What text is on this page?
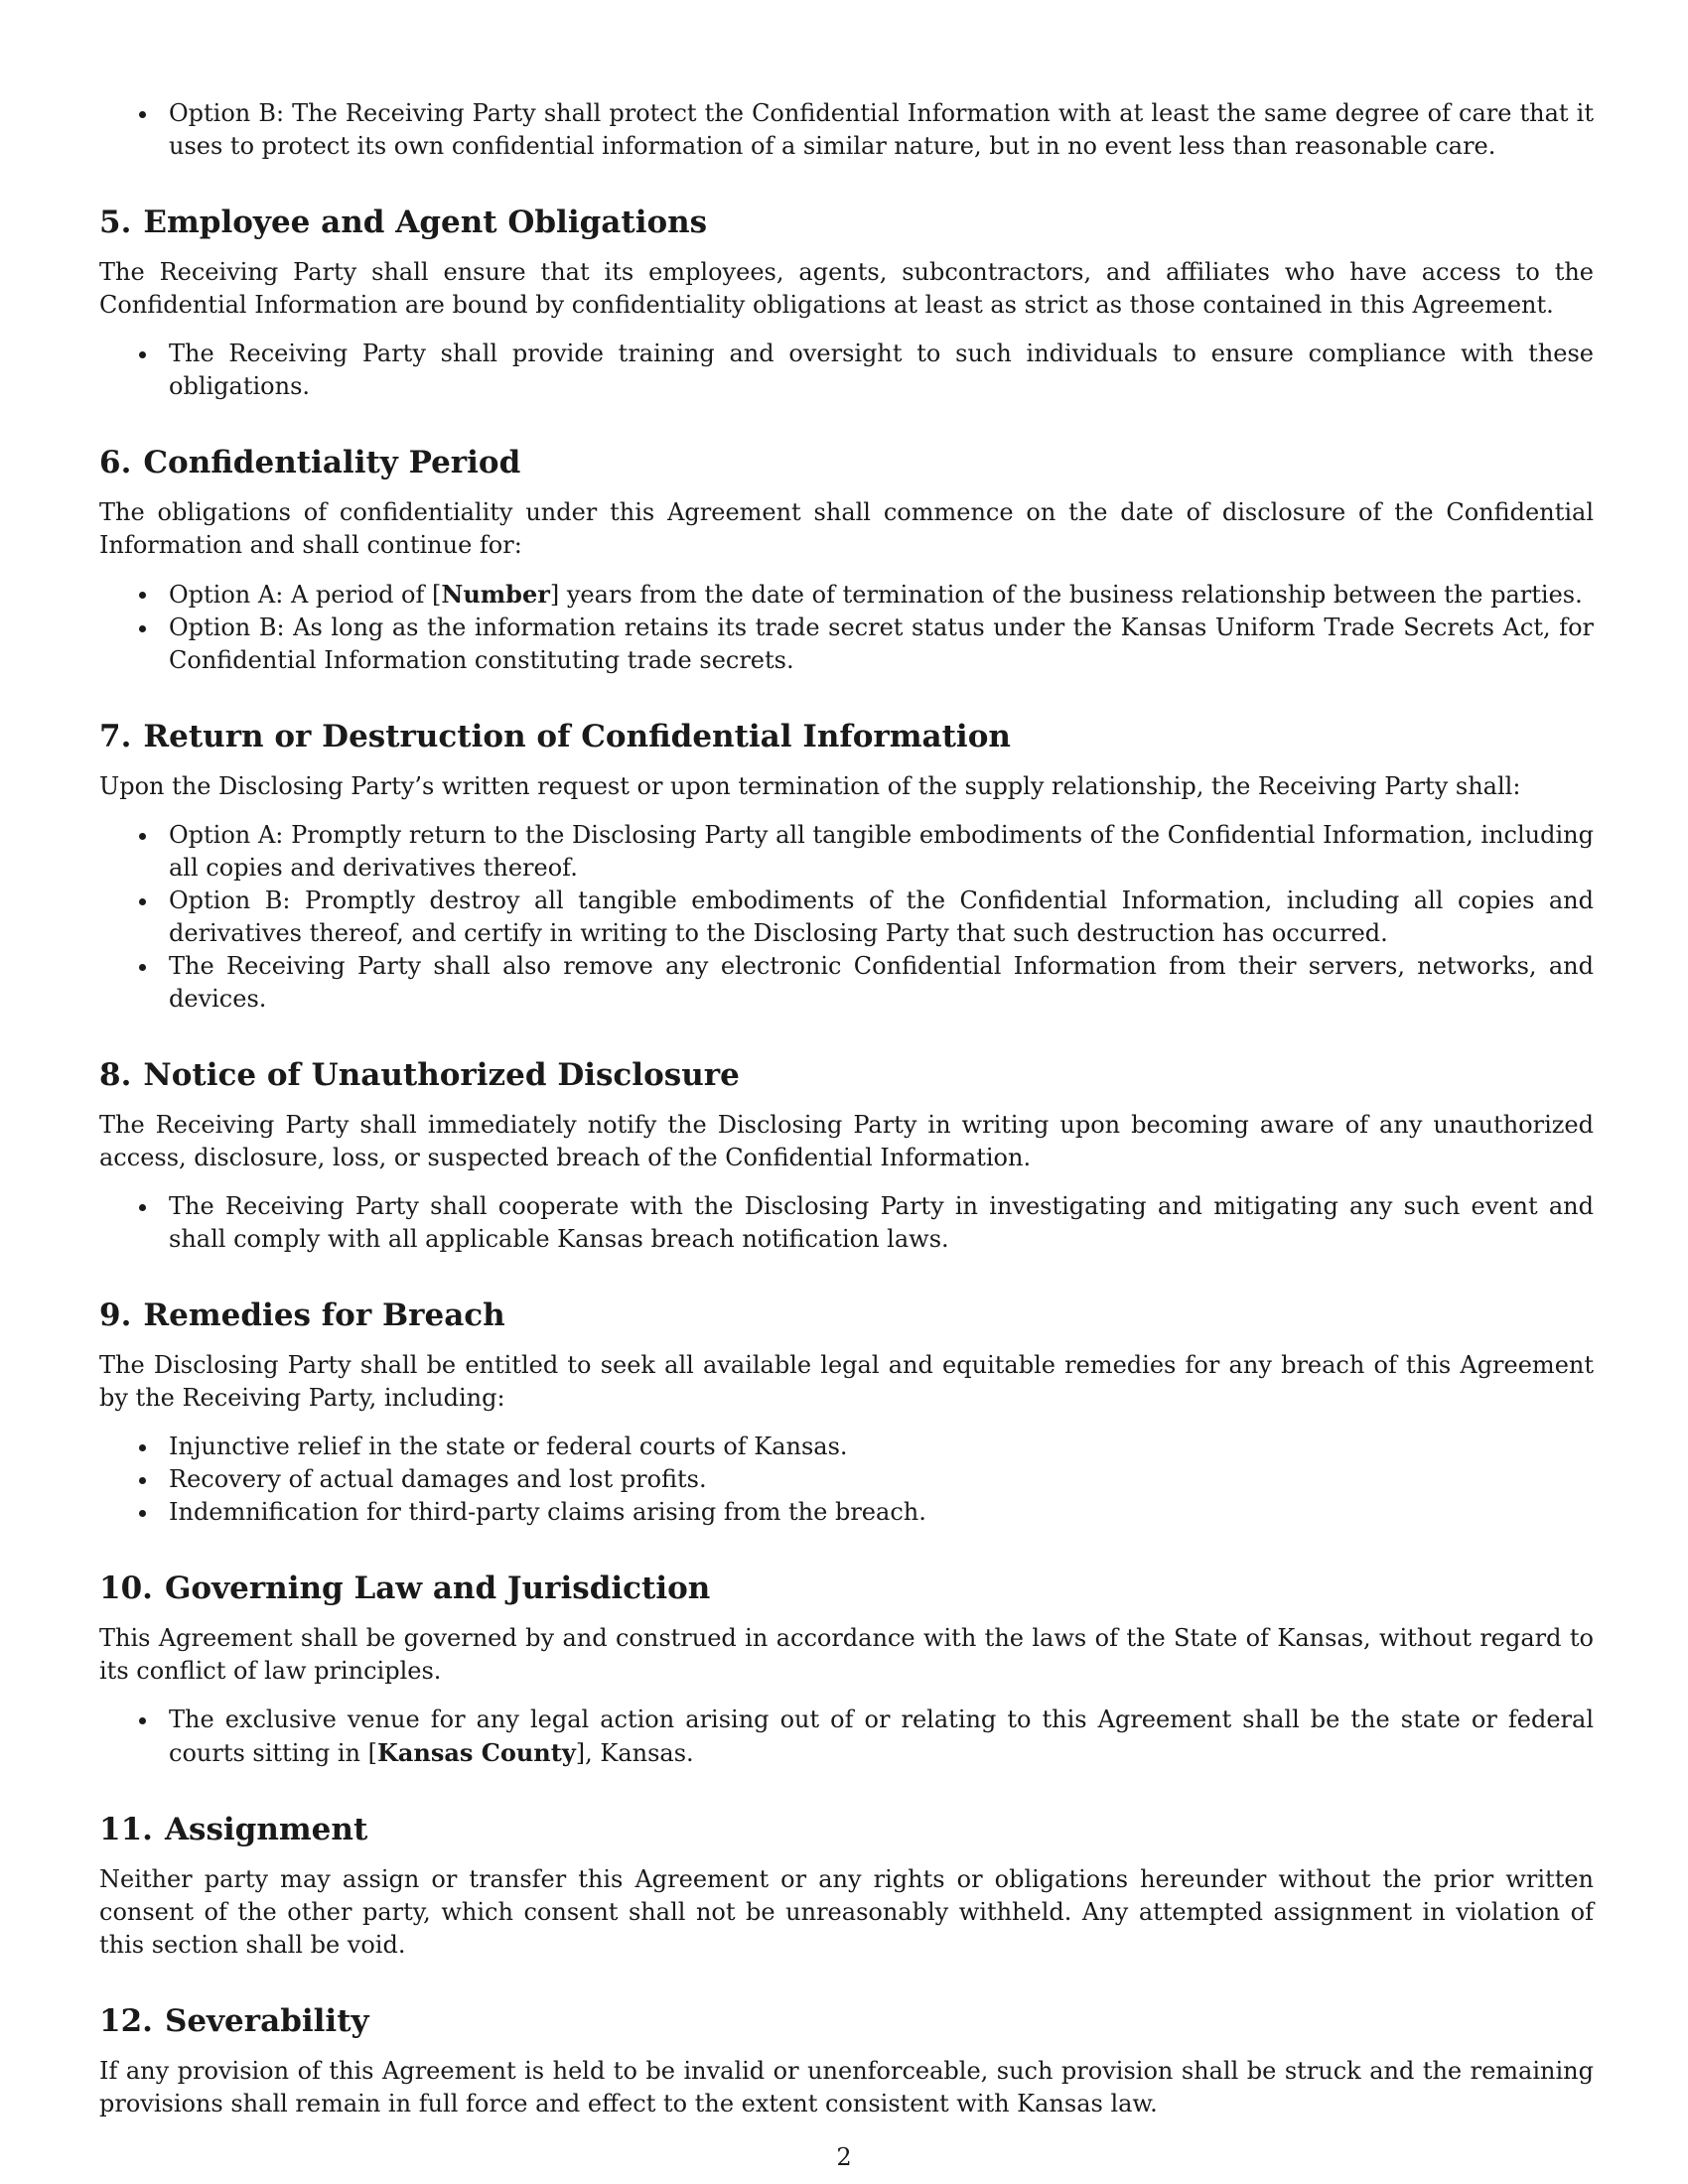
Option B: The Receiving Party shall protect the Confidential Information with at least the same degree of care that it uses to protect its own confidential information of a similar nature, but in no event less than reasonable care.
5. Employee and Agent Obligations

The Receiving Party shall ensure that its employees, agents, subcontractors, and affiliates who have access to the Confidential Information are bound by confidentiality obligations at least as strict as those contained in this Agreement.

The Receiving Party shall provide training and oversight to such individuals to ensure compliance with these obligations.
6. Confidentiality Period

The obligations of confidentiality under this Agreement shall commence on the date of disclosure of the Confidential Information and shall continue for:

Option A: A period of [Number] years from the date of termination of the business relationship between the parties.
Option B: As long as the information retains its trade secret status under the Kansas Uniform Trade Secrets Act, for Confidential Information constituting trade secrets.
7. Return or Destruction of Confidential Information

Upon the Disclosing Party’s written request or upon termination of the supply relationship, the Receiving Party shall:

Option A: Promptly return to the Disclosing Party all tangible embodiments of the Confidential Information, including all copies and derivatives thereof.
Option B: Promptly destroy all tangible embodiments of the Confidential Information, including all copies and derivatives thereof, and certify in writing to the Disclosing Party that such destruction has occurred.
The Receiving Party shall also remove any electronic Confidential Information from their servers, networks, and devices.
8. Notice of Unauthorized Disclosure

The Receiving Party shall immediately notify the Disclosing Party in writing upon becoming aware of any unauthorized access, disclosure, loss, or suspected breach of the Confidential Information.

The Receiving Party shall cooperate with the Disclosing Party in investigating and mitigating any such event and shall comply with all applicable Kansas breach notification laws.
9. Remedies for Breach

The Disclosing Party shall be entitled to seek all available legal and equitable remedies for any breach of this Agreement by the Receiving Party, including:

Injunctive relief in the state or federal courts of Kansas.
Recovery of actual damages and lost profits.
Indemnification for third-party claims arising from the breach.
10. Governing Law and Jurisdiction

This Agreement shall be governed by and construed in accordance with the laws of the State of Kansas, without regard to its conflict of law principles.

The exclusive venue for any legal action arising out of or relating to this Agreement shall be the state or federal courts sitting in [Kansas County], Kansas.
11. Assignment

Neither party may assign or transfer this Agreement or any rights or obligations hereunder without the prior written consent of the other party, which consent shall not be unreasonably withheld. Any attempted assignment in violation of this section shall be void.

12. Severability

If any provision of this Agreement is held to be invalid or unenforceable, such provision shall be struck and the remaining provisions shall remain in full force and effect to the extent consistent with Kansas law.

2
